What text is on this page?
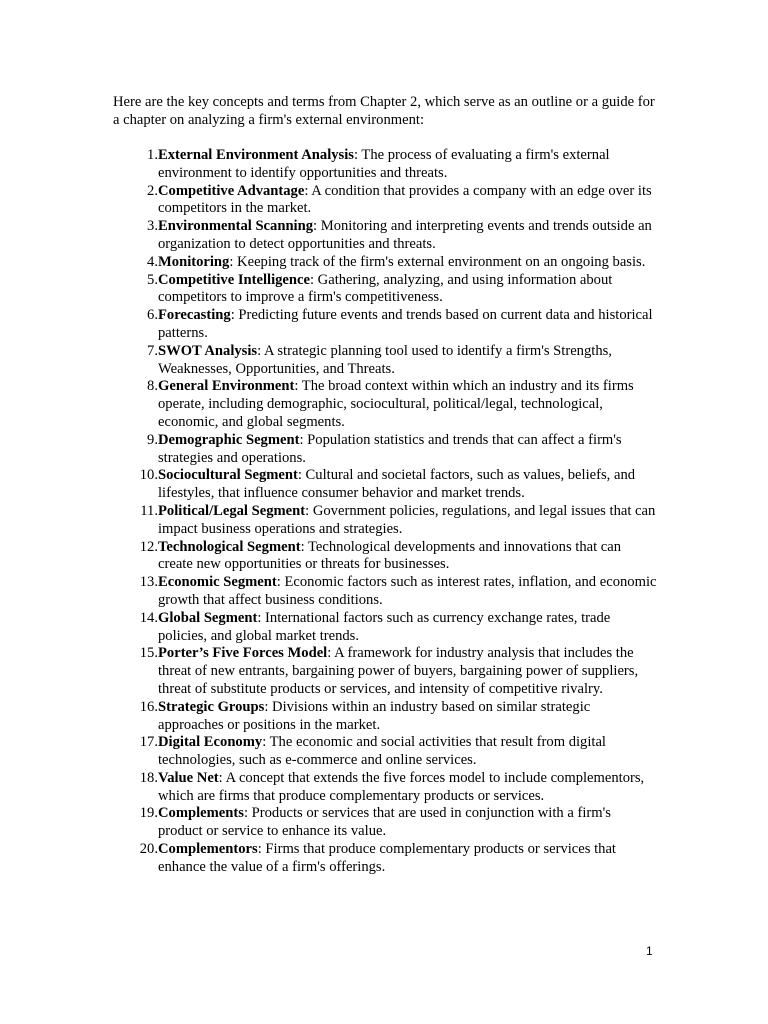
Here are the key concepts and terms from Chapter 2, which serve as an outline or a guide for a chapter on analyzing a firm's external environment:

1. External Environment Analysis: The process of evaluating a firm's external environment to identify opportunities and threats.
2. Competitive Advantage: A condition that provides a company with an edge over its competitors in the market.
3. Environmental Scanning: Monitoring and interpreting events and trends outside an organization to detect opportunities and threats.
4. Monitoring: Keeping track of the firm's external environment on an ongoing basis.
5. Competitive Intelligence: Gathering, analyzing, and using information about competitors to improve a firm's competitiveness.
6. Forecasting: Predicting future events and trends based on current data and historical patterns.
7. SWOT Analysis: A strategic planning tool used to identify a firm's Strengths, Weaknesses, Opportunities, and Threats.
8. General Environment: The broad context within which an industry and its firms operate, including demographic, sociocultural, political/legal, technological, economic, and global segments.
9. Demographic Segment: Population statistics and trends that can affect a firm's strategies and operations.
10. Sociocultural Segment: Cultural and societal factors, such as values, beliefs, and lifestyles, that influence consumer behavior and market trends.
11. Political/Legal Segment: Government policies, regulations, and legal issues that can impact business operations and strategies.
12. Technological Segment: Technological developments and innovations that can create new opportunities or threats for businesses.
13. Economic Segment: Economic factors such as interest rates, inflation, and economic growth that affect business conditions.
14. Global Segment: International factors such as currency exchange rates, trade policies, and global market trends.
15. Porter’s Five Forces Model: A framework for industry analysis that includes the threat of new entrants, bargaining power of buyers, bargaining power of suppliers, threat of substitute products or services, and intensity of competitive rivalry.
16. Strategic Groups: Divisions within an industry based on similar strategic approaches or positions in the market.
17. Digital Economy: The economic and social activities that result from digital technologies, such as e-commerce and online services.
18. Value Net: A concept that extends the five forces model to include complementors, which are firms that produce complementary products or services.
19. Complements: Products or services that are used in conjunction with a firm's product or service to enhance its value.
20. Complementors: Firms that produce complementary products or services that enhance the value of a firm's offerings.
1
